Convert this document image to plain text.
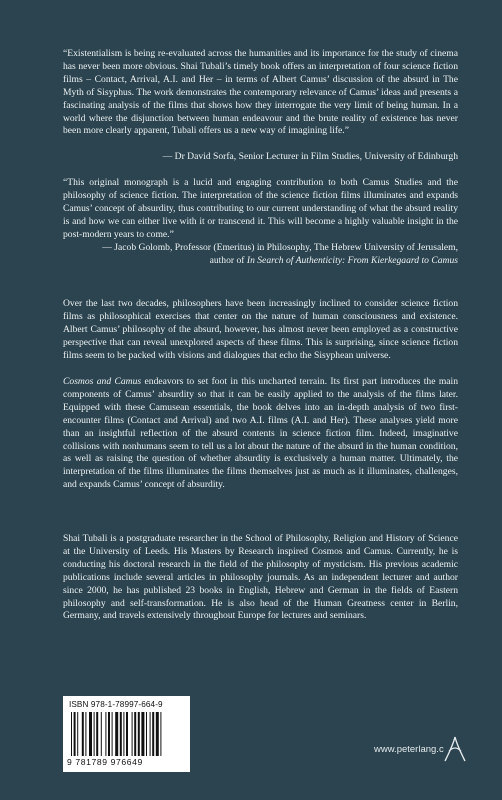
“Existentialism is being re-evaluated across the humanities and its importance for the study of cinema has never been more obvious. Shai Tubali’s timely book offers an interpretation of four science fiction films – Contact, Arrival, A.I. and Her – in terms of Albert Camus’ discussion of the absurd in The Myth of Sisyphus. The work demonstrates the contemporary relevance of Camus’ ideas and presents a fascinating analysis of the films that shows how they interrogate the very limit of being human. In a world where the disjunction between human endeavour and the brute reality of existence has never been more clearly apparent, Tubali offers us a new way of imagining life.”

— Dr David Sorfa, Senior Lecturer in Film Studies, University of Edinburgh

“This original monograph is a lucid and engaging contribution to both Camus Studies and the philosophy of science fiction. The interpretation of the science fiction films illuminates and expands Camus’ concept of absurdity, thus contributing to our current understanding of what the absurd reality is and how we can either live with it or transcend it. This will become a highly valuable insight in the post-modern years to come.”

— Jacob Golomb, Professor (Emeritus) in Philosophy, The Hebrew University of Jerusalem,

author of In Search of Authenticity: From Kierkegaard to Camus

Over the last two decades, philosophers have been increasingly inclined to consider science fiction films as philosophical exercises that center on the nature of human consciousness and existence. Albert Camus’ philosophy of the absurd, however, has almost never been employed as a constructive perspective that can reveal unexplored aspects of these films. This is surprising, since science fiction films seem to be packed with visions and dialogues that echo the Sisyphean universe.

Cosmos and Camus endeavors to set foot in this uncharted terrain. Its first part introduces the main components of Camus’ absurdity so that it can be easily applied to the analysis of the films later. Equipped with these Camusean essentials, the book delves into an in-depth analysis of two first-encounter films (Contact and Arrival) and two A.I. films (A.I. and Her). These analyses yield more than an insightful reflection of the absurd contents in science fiction film. Indeed, imaginative collisions with nonhumans seem to tell us a lot about the nature of the absurd in the human condition, as well as raising the question of whether absurdity is exclusively a human matter. Ultimately, the interpretation of the films illuminates the films themselves just as much as it illuminates, challenges, and expands Camus’ concept of absurdity.

Shai Tubali is a postgraduate researcher in the School of Philosophy, Religion and History of Science at the University of Leeds. His Masters by Research inspired Cosmos and Camus. Currently, he is conducting his doctoral research in the field of the philosophy of mysticism. His previous academic publications include several articles in philosophy journals. As an independent lecturer and author since 2000, he has published 23 books in English, Hebrew and German in the fields of Eastern philosophy and self-transformation. He is also head of the Human Greatness center in Berlin, Germany, and travels extensively throughout Europe for lectures and seminars.

ISBN 978-1-78997-664-9
9 781789 976649
www.peterlang.c
